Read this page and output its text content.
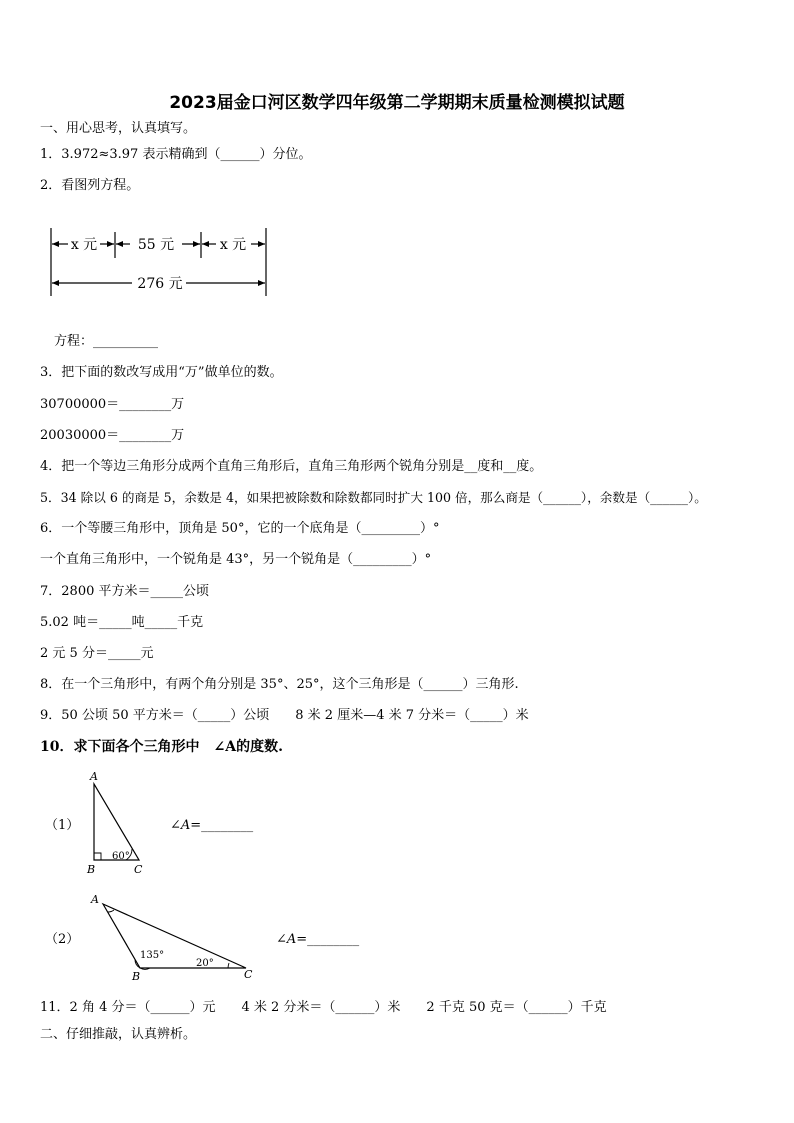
2023届金口河区数学四年级第二学期期末质量检测模拟试题
一、用心思考，认真填写。
1．3.972≈3.97 表示精确到（______）分位。
2．看图列方程。
x 元	55 元	x 元
276 元
方程：__________
3．把下面的数改写成用“万”做单位的数。
30700000＝________万
20030000＝________万
4．把一个等边三角形分成两个直角三角形后，直角三角形两个锐角分别是__度和__度。
5．34 除以 6 的商是 5，余数是 4，如果把被除数和除数都同时扩大 100 倍，那么商是（______），余数是（______）。
6．一个等腰三角形中，顶角是 50°，它的一个底角是（_________）°
一个直角三角形中，一个锐角是 43°，另一个锐角是（_________）°
7．2800 平方米＝_____公顷
5.02 吨＝_____吨_____千克
2 元 5 分＝_____元
8．在一个三角形中，有两个角分别是 35°、25°，这个三角形是（______）三角形.
9．50 公顷 50 平方米＝（_____）公顷　　8 米 2 厘米—4 米 7 分米＝（_____）米
10．求下面各个三角形中　∠A的度数.
（1）
A
B	C
60°
∠A=________
（2）
A
B	C
135°
20°
∠A=________
11．2 角 4 分＝（______）元　　4 米 2 分米＝（______）米　　2 千克 50 克＝（______）千克
二、仔细推敲，认真辨析。
